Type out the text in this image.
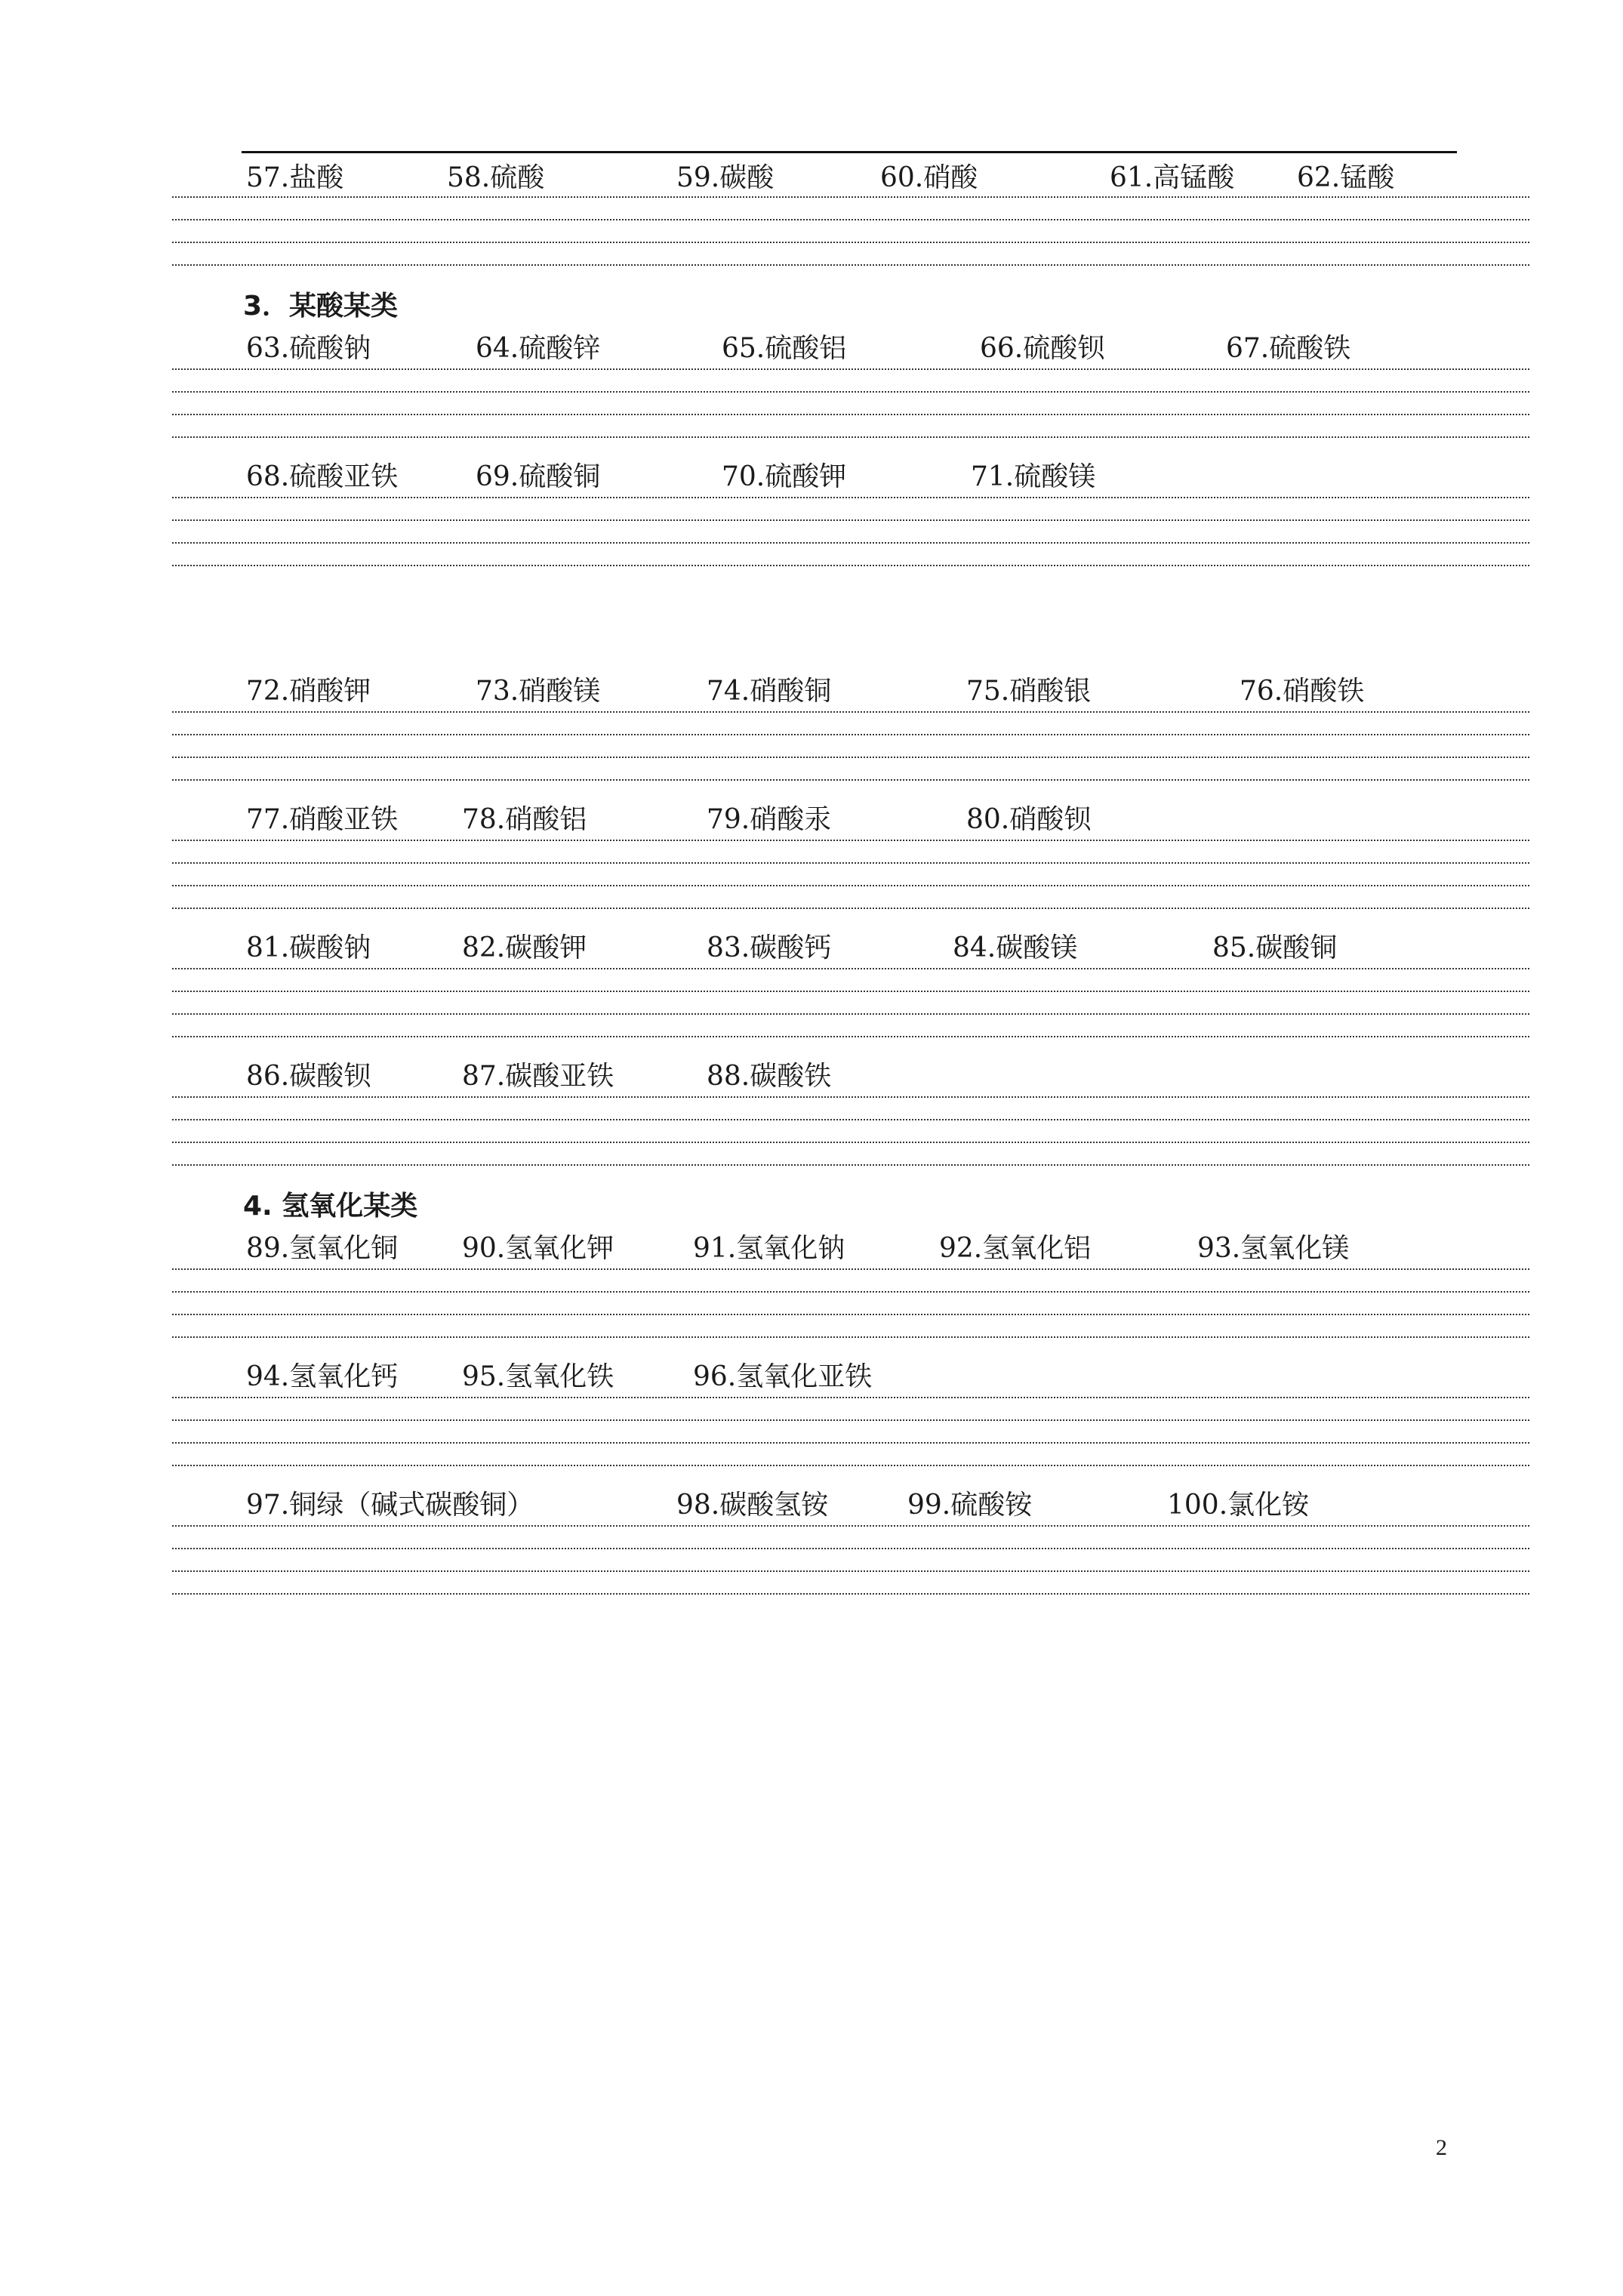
57.盐酸	58.硫酸	59.碳酸	60.硝酸	61.高锰酸 62.锰酸
3．某酸某类
63.硫酸钠	64.硫酸锌	65.硫酸铝	66.硫酸钡	67.硫酸铁
68.硫酸亚铁	69.硫酸铜	70.硫酸钾	71.硫酸镁
72.硝酸钾	73.硝酸镁	74.硝酸铜	75.硝酸银	76.硝酸铁
77.硝酸亚铁 78.硝酸铝	79.硝酸汞	80.硝酸钡
81.碳酸钠	82.碳酸钾	83.碳酸钙	84.碳酸镁	85.碳酸铜
86.碳酸钡	87.碳酸亚铁	88.碳酸铁
4. 氢氧化某类
89.氢氧化铜 90.氢氧化钾	91.氢氧化钠	92.氢氧化铝	93.氢氧化镁
94.氢氧化钙 95.氢氧化铁	96.氢氧化亚铁
97.铜绿（碱式碳酸铜）	98.碳酸氢铵	99.硫酸铵	100.氯化铵
2
